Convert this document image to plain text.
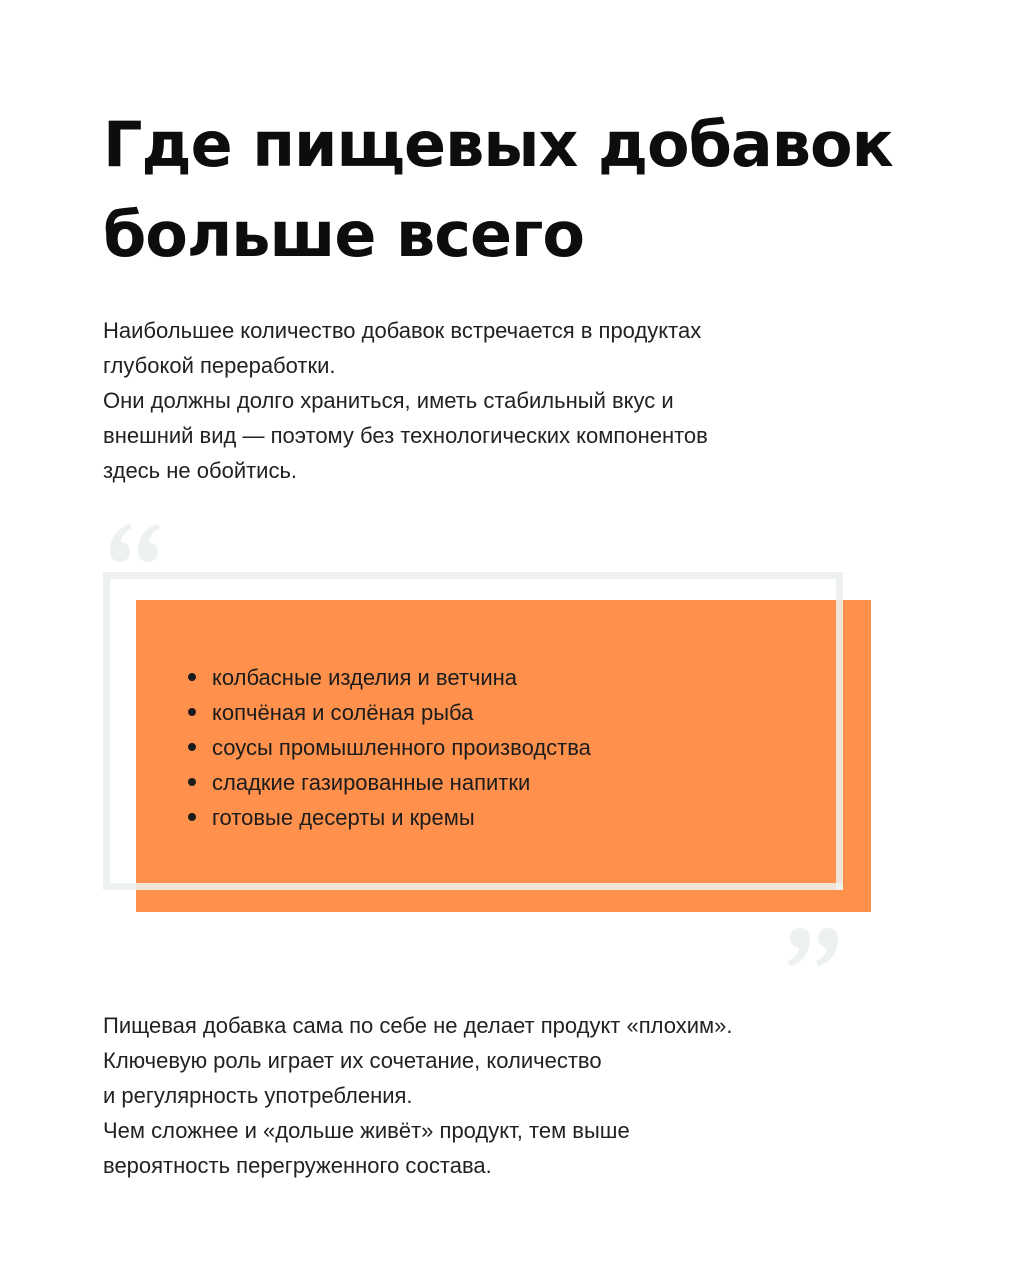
Где пищевых добавок
больше всего
Наибольшее количество добавок встречается в продуктах
глубокой переработки.
Они должны долго храниться, иметь стабильный вкус и
внешний вид — поэтому без технологических компонентов
здесь не обойтись.
колбасные изделия и ветчина
копчёная и солёная рыба
соусы промышленного производства
сладкие газированные напитки
готовые десерты и кремы
Пищевая добавка сама по себе не делает продукт «плохим».
Ключевую роль играет их сочетание, количество
и регулярность употребления.
Чем сложнее и «дольше живёт» продукт, тем выше
вероятность перегруженного состава.
